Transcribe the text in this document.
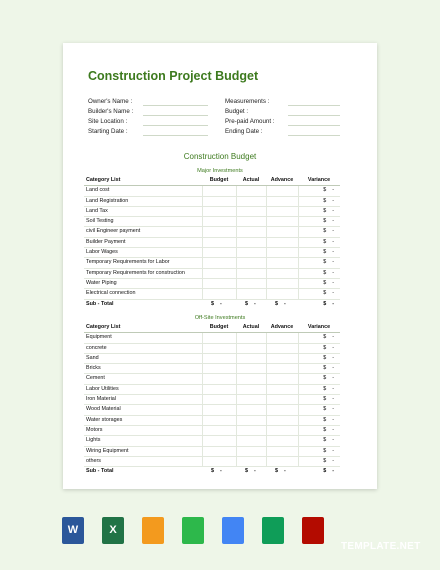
Construction Project Budget
Owner's Name :
Builder's Name :
Site Location :
Starting Date :
Measurements :
Budget :
Pre-paid Amount :
Ending Date :
Construction Budget
Major Investments
Category List	Budget	Actual	Advance	Variance
Land cost				$ -
Land Registration				$ -
Land Tax				$ -
Soil Testing				$ -
civil Engineer payment				$ -
Builder Payment				$ -
Labor Wages				$ -
Temporary Requirements for Labor				$ -
Temporary Requirements for construction				$ -
Water Piping				$ -
Electrical connection				$ -
Sub - Total	$ -	$ -	$ -	$ -
Off-Site Investments
Category List	Budget	Actual	Advance	Variance
Equipment				$ -
concrete				$ -
Sand				$ -
Bricks				$ -
Cement				$ -
Labor Utilities				$ -
Iron Material				$ -
Wood Material				$ -
Water storages				$ -
Motors				$ -
Lights				$ -
Wiring Equipment				$ -
others				$ -
Sub - Total	$ -	$ -	$ -	$ -
W	X
TEMPLATE.NET
